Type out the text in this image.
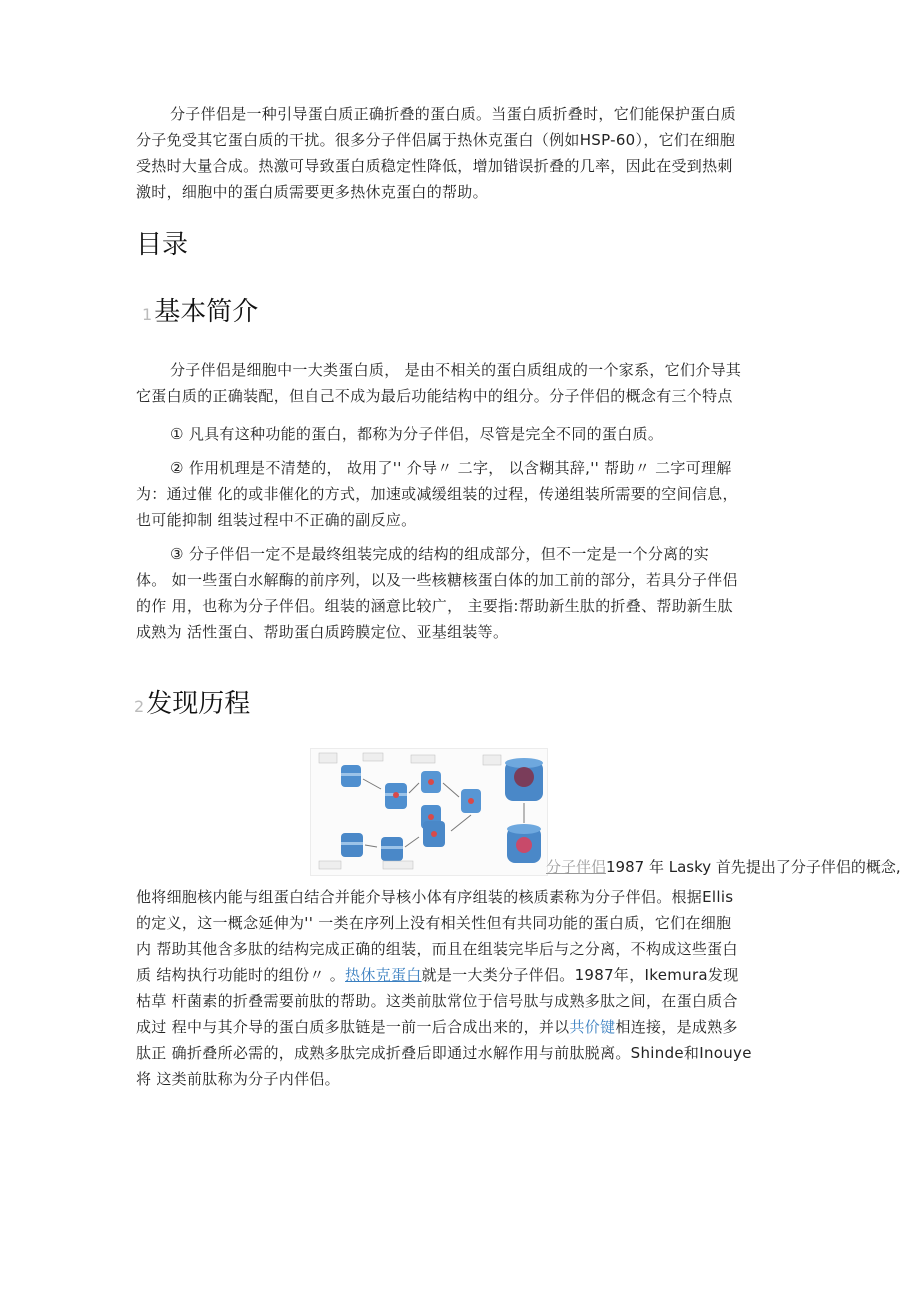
分子伴侣是一种引导蛋白质正确折叠的蛋白质。当蛋白质折叠时，它们能保护蛋白质
分子免受其它蛋白质的干扰。很多分子伴侣属于热休克蛋白（例如HSP-60），它们在细胞
受热时大量合成。热激可导致蛋白质稳定性降低，增加错误折叠的几率，因此在受到热刺
激时，细胞中的蛋白质需要更多热休克蛋白的帮助。
目录
1基本简介
分子伴侣是细胞中一大类蛋白质， 是由不相关的蛋白质组成的一个家系，它们介导其
它蛋白质的正确装配，但自己不成为最后功能结构中的组分。分子伴侣的概念有三个特点
① 凡具有这种功能的蛋白，都称为分子伴侣，尽管是完全不同的蛋白质。
② 作用机理是不清楚的， 故用了'' 介导〃 二字， 以含糊其辞,'' 帮助〃 二字可理解
为：通过催 化的或非催化的方式，加速或减缓组装的过程，传递组装所需要的空间信息，
也可能抑制 组装过程中不正确的副反应。
③ 分子伴侣一定不是最终组装完成的结构的组成部分，但不一定是一个分离的实
体。 如一些蛋白水解酶的前序列，以及一些核糖核蛋白体的加工前的部分，若具分子伴侣
的作 用，也称为分子伴侣。组装的涵意比较广， 主要指:帮助新生肽的折叠、帮助新生肽
成熟为 活性蛋白、帮助蛋白质跨膜定位、亚基组装等。
2发现历程
分子伴侣1987 年 Lasky 首先提出了分子伴侣的概念,
他将细胞核内能与组蛋白结合并能介导核小体有序组装的核质素称为分子伴侣。根据Ellis
的定义，这一概念延伸为'' 一类在序列上没有相关性但有共同功能的蛋白质，它们在细胞
内 帮助其他含多肽的结构完成正确的组装，而且在组装完毕后与之分离，不构成这些蛋白
质 结构执行功能时的组份〃 。热休克蛋白就是一大类分子伴侣。1987年，Ikemura发现
枯草 杆菌素的折叠需要前肽的帮助。这类前肽常位于信号肽与成熟多肽之间，在蛋白质合
成过 程中与其介导的蛋白质多肽链是一前一后合成出来的，并以共价键相连接，是成熟多
肽正 确折叠所必需的，成熟多肽完成折叠后即通过水解作用与前肽脱离。Shinde和Inouye
将 这类前肽称为分子内伴侣。
